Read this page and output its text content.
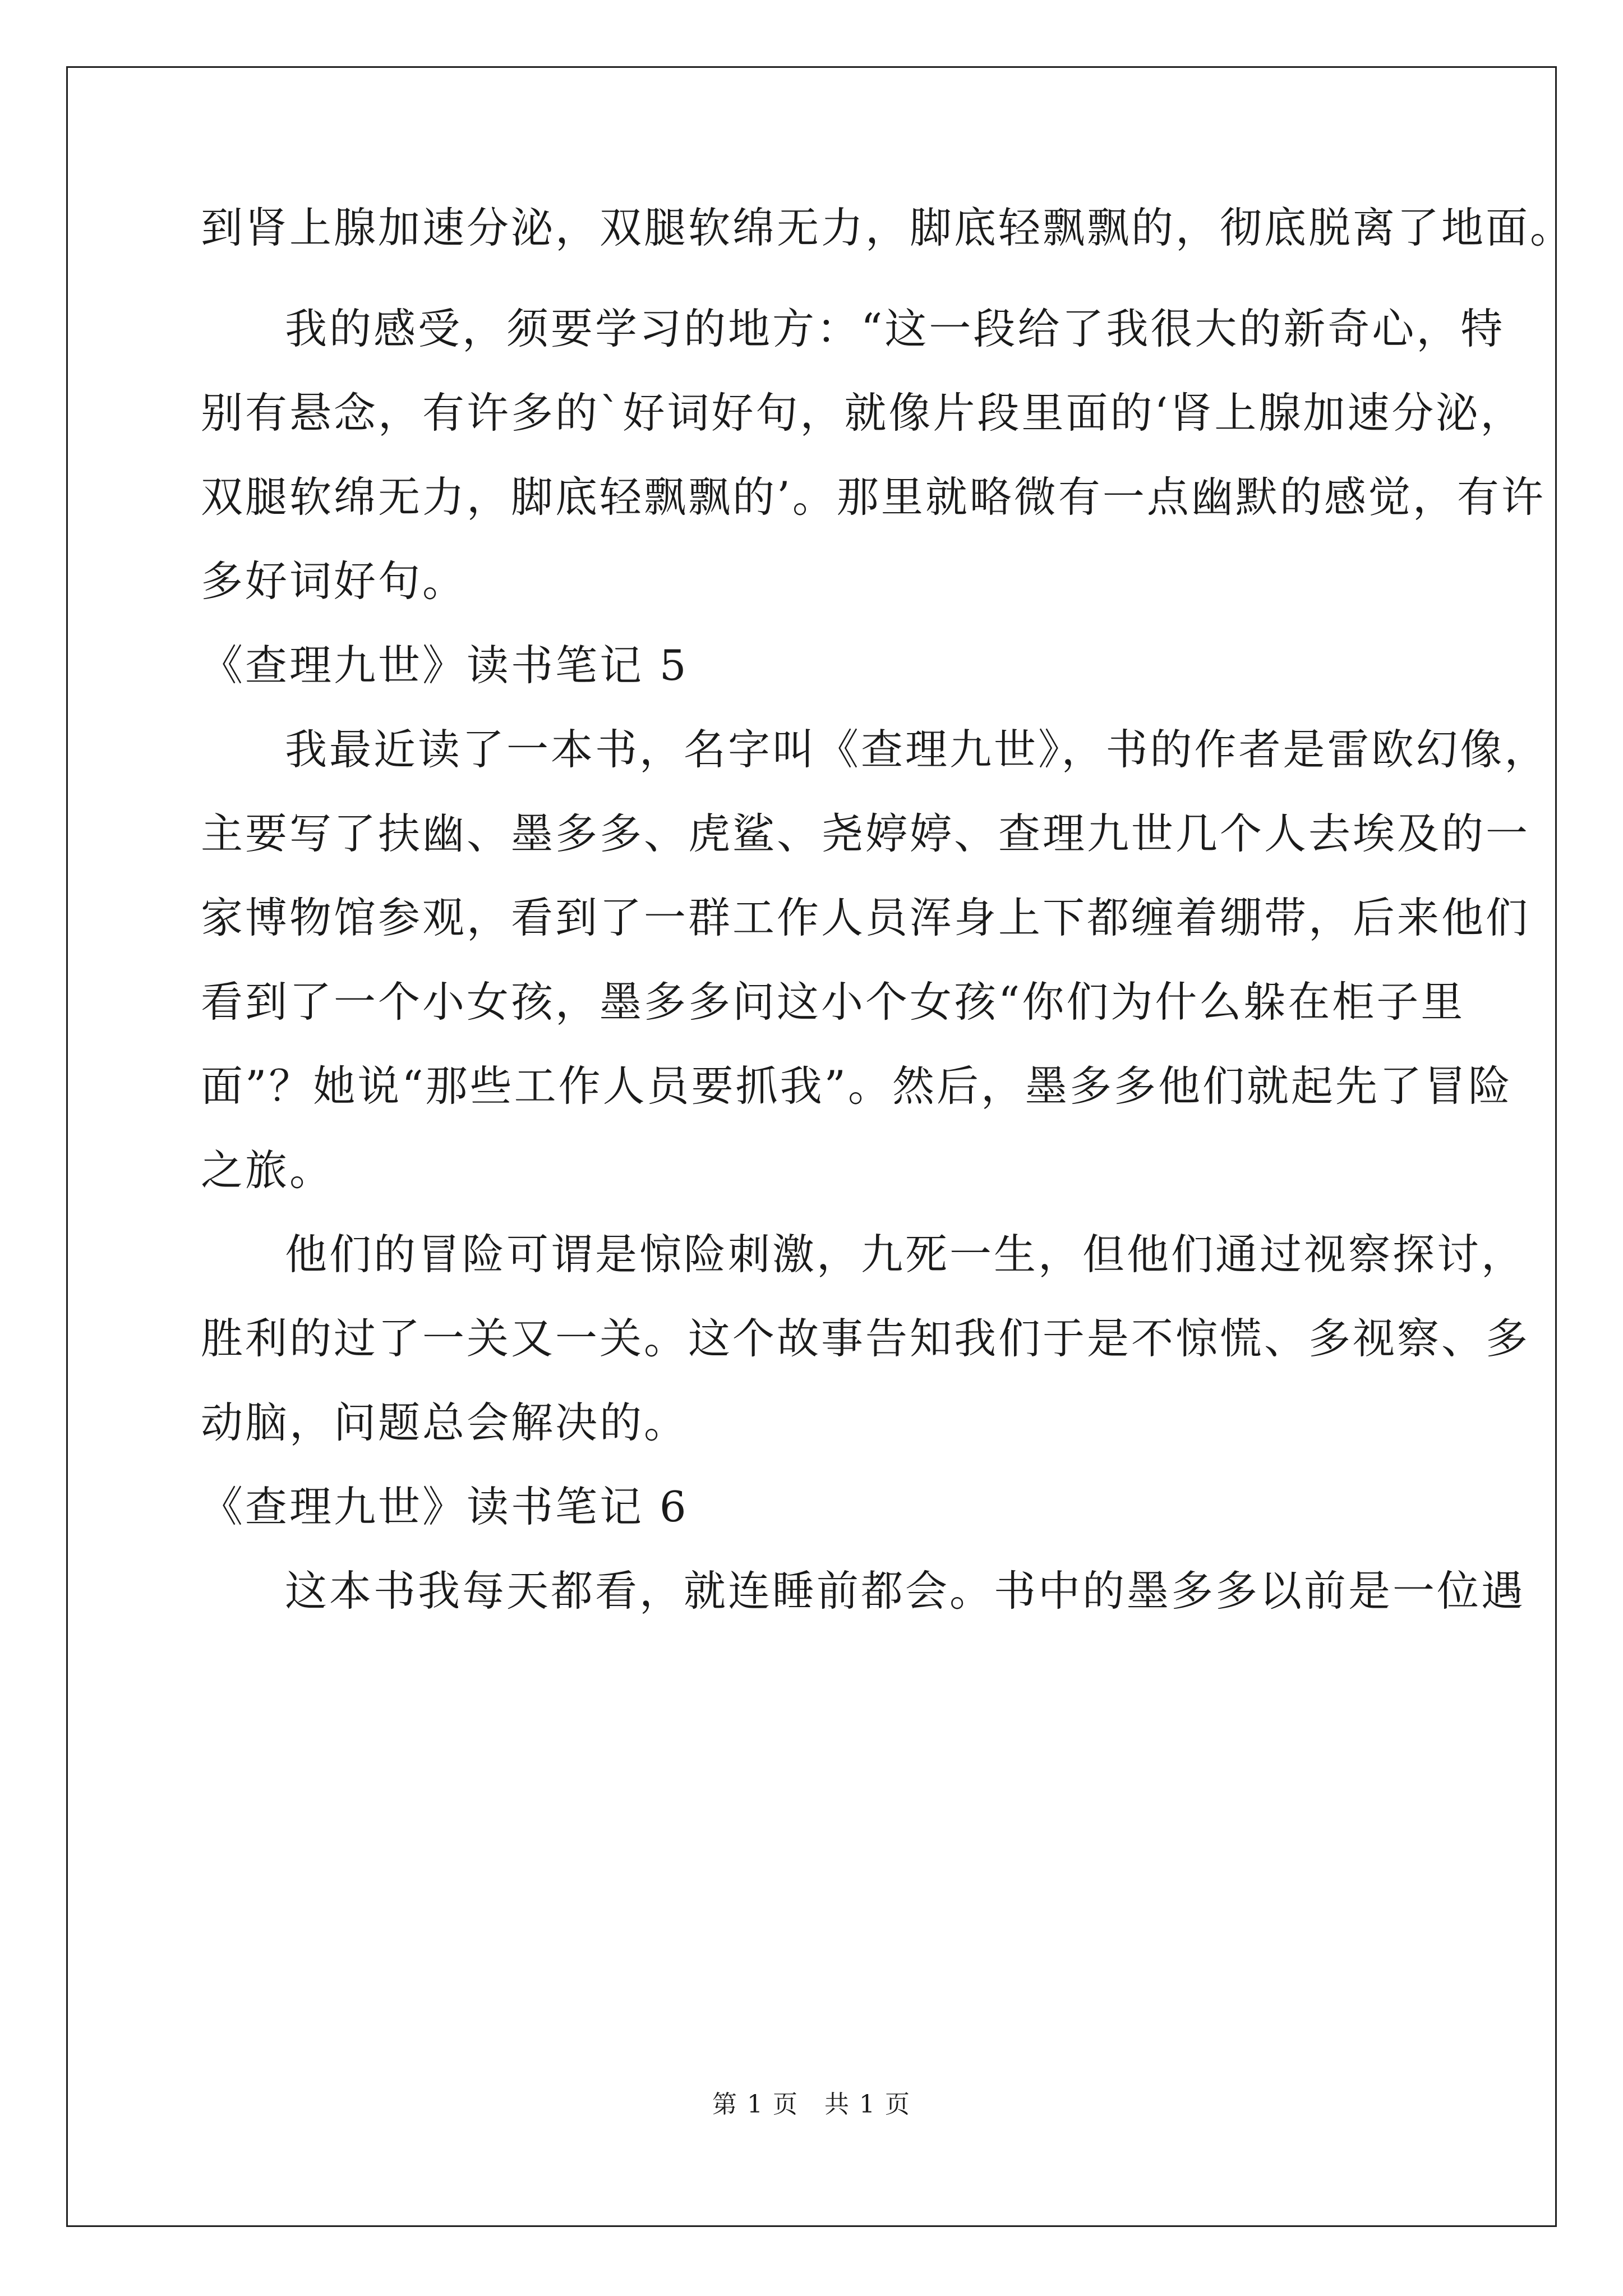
到肾上腺加速分泌，双腿软绵无力，脚底轻飘飘的，彻底脱离了地面。
我的感受，须要学习的地方：“这一段给了我很大的新奇心，特
别有悬念，有许多的`好词好句，就像片段里面的‘肾上腺加速分泌，
双腿软绵无力，脚底轻飘飘的’。那里就略微有一点幽默的感觉，有许
多好词好句。
《查理九世》读书笔记 5
我最近读了一本书，名字叫《查理九世》，书的作者是雷欧幻像，
主要写了扶幽、墨多多、虎鲨、尧婷婷、查理九世几个人去埃及的一
家博物馆参观，看到了一群工作人员浑身上下都缠着绷带，后来他们
看到了一个小女孩，墨多多问这小个女孩“你们为什么躲在柜子里
面”？她说“那些工作人员要抓我”。然后，墨多多他们就起先了冒险
之旅。
他们的冒险可谓是惊险刺激，九死一生，但他们通过视察探讨，
胜利的过了一关又一关。这个故事告知我们于是不惊慌、多视察、多
动脑，问题总会解决的。
《查理九世》读书笔记 6
这本书我每天都看，就连睡前都会。书中的墨多多以前是一位遇
第 1 页　共 1 页
